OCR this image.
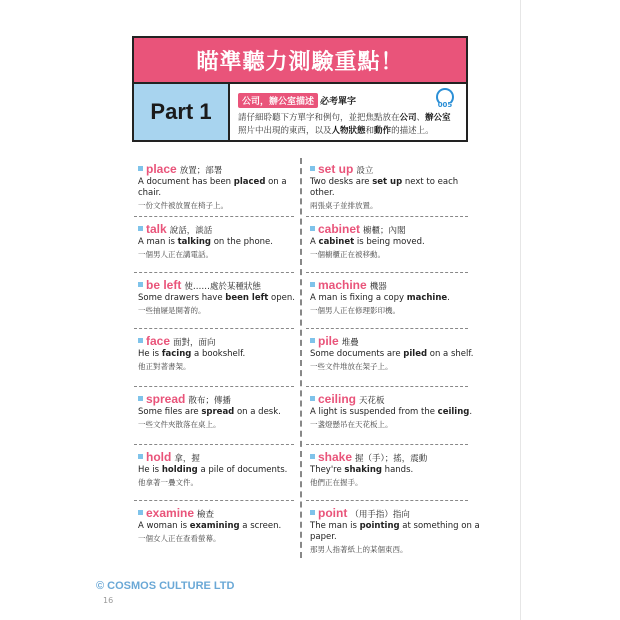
瞄準聽力測驗重點！
Part 1	公司，辦公室描述 必考單字
請仔細聆聽下方單字和例句，並把焦點放在公司、辦公室照片中出現的東西，以及人物狀態和動作的描述上。
005
place 放置；部署
A document has been placed on a chair.
一份文件被放置在椅子上。
talk 說話，談話
A man is talking on the phone.
一個男人正在講電話。
be left 使……處於某種狀態
Some drawers have been left open.
一些抽屜是開著的。
face 面對，面向
He is facing a bookshelf.
他正對著書架。
spread 散布；傳播
Some files are spread on a desk.
一些文件夾散落在桌上。
hold 拿，握
He is holding a pile of documents.
他拿著一疊文件。
examine 檢查
A woman is examining a screen.
一個女人正在查看螢幕。
set up 設立
Two desks are set up next to each other.
兩張桌子並排放置。
cabinet 櫥櫃；內閣
A cabinet is being moved.
一個櫥櫃正在被移動。
machine 機器
A man is fixing a copy machine.
一個男人正在修理影印機。
pile 堆疊
Some documents are piled on a shelf.
一些文件堆放在架子上。
ceiling 天花板
A light is suspended from the ceiling.
一盞燈懸吊在天花板上。
shake 握（手）；搖，震動
They're shaking hands.
他們正在握手。
point （用手指）指向
The man is pointing at something on a paper.
那男人指著紙上的某個東西。
© COSMOS CULTURE LTD
16
